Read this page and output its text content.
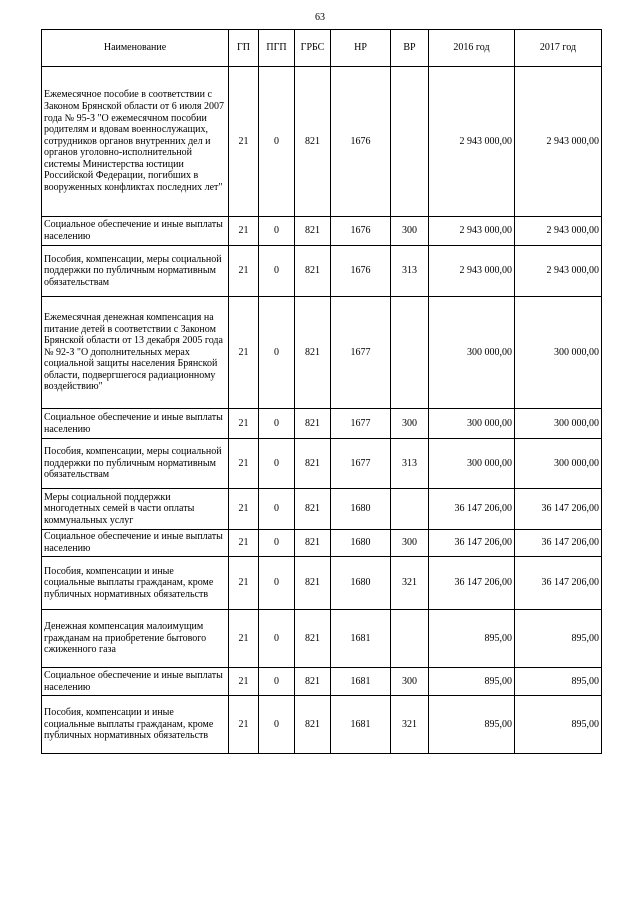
63
Наименование	ГП	ПГП	ГРБС	НР	ВР	2016 год	2017 год
Ежемесячное пособие в соответствии с Законом Брянской области от 6 июля 2007 года № 95-З "О ежемесячном пособии родителям и вдовам военнослужащих, сотрудников органов внутренних дел и органов уголовно-исполнительной системы Министерства юстиции Российской Федерации, погибших в вооруженных конфликтах последних лет"	21	0	821	1676		2 943 000,00	2 943 000,00
Социальное обеспечение и иные выплаты населению	21	0	821	1676	300	2 943 000,00	2 943 000,00
Пособия, компенсации, меры социальной поддержки по публичным нормативным обязательствам	21	0	821	1676	313	2 943 000,00	2 943 000,00
Ежемесячная денежная компенсация на питание детей в соответствии с Законом Брянской области от 13 декабря 2005 года № 92-З "О дополнительных мерах социальной защиты населения Брянской области, подвергшегося радиационному воздействию"	21	0	821	1677		300 000,00	300 000,00
Социальное обеспечение и иные выплаты населению	21	0	821	1677	300	300 000,00	300 000,00
Пособия, компенсации, меры социальной поддержки по публичным нормативным обязательствам	21	0	821	1677	313	300 000,00	300 000,00
Меры социальной поддержки многодетных семей в части оплаты коммунальных услуг	21	0	821	1680		36 147 206,00	36 147 206,00
Социальное обеспечение и иные выплаты населению	21	0	821	1680	300	36 147 206,00	36 147 206,00
Пособия, компенсации и иные социальные выплаты гражданам, кроме публичных нормативных обязательств	21	0	821	1680	321	36 147 206,00	36 147 206,00
Денежная компенсация малоимущим гражданам на приобретение бытового сжиженного газа	21	0	821	1681		895,00	895,00
Социальное обеспечение и иные выплаты населению	21	0	821	1681	300	895,00	895,00
Пособия, компенсации и иные социальные выплаты гражданам, кроме публичных нормативных обязательств	21	0	821	1681	321	895,00	895,00
